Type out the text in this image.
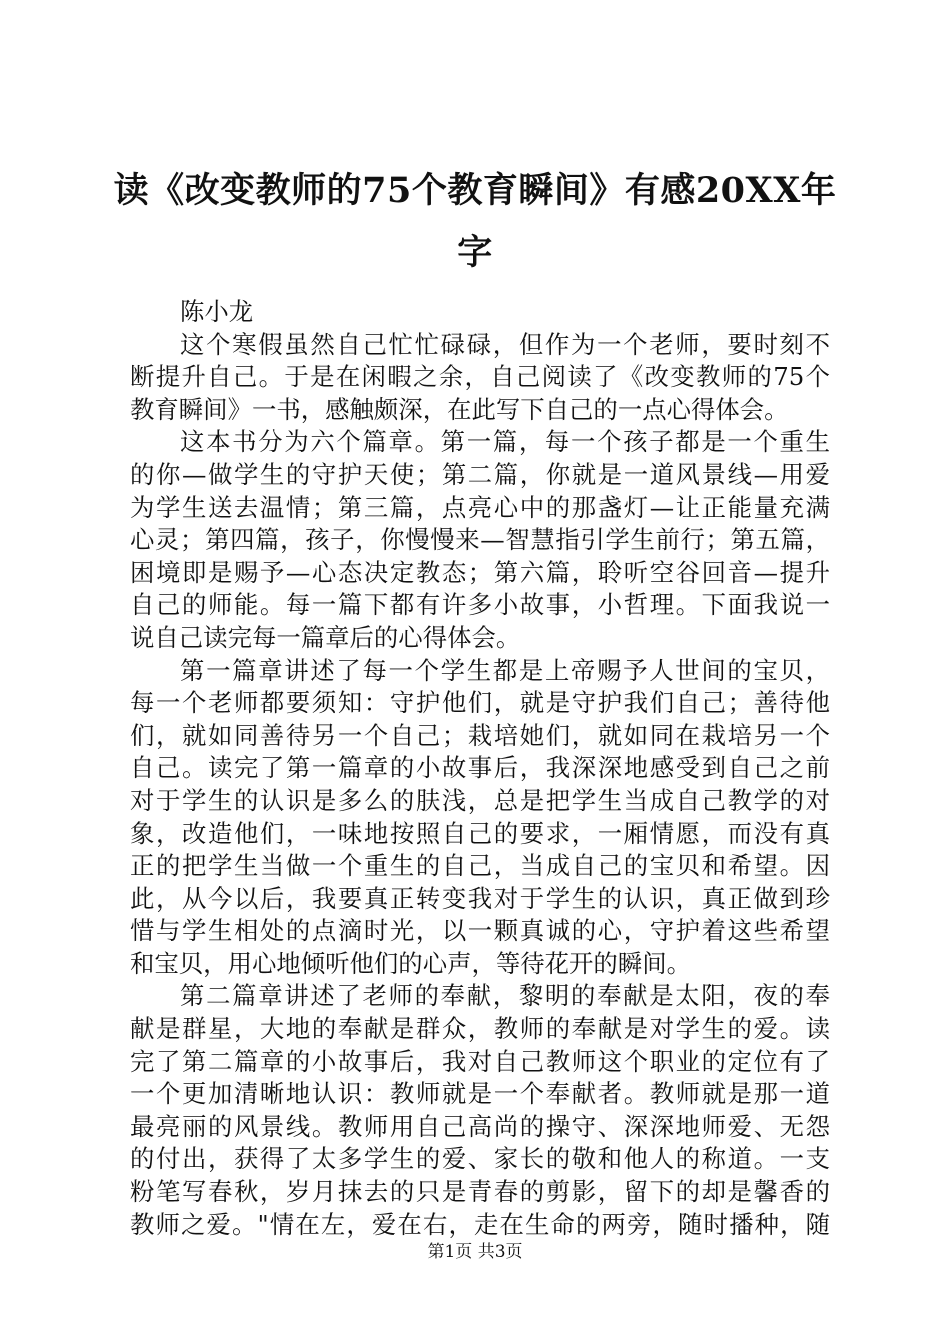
读《改变教师的75个教育瞬间》有感20XX年
字
陈小龙
这个寒假虽然自己忙忙碌碌，但作为一个老师，要时刻不
断提升自己。于是在闲暇之余，自己阅读了《改变教师的75个
教育瞬间》一书，感触颇深，在此写下自己的一点心得体会。
这本书分为六个篇章。第一篇，每一个孩子都是一个重生
的你—做学生的守护天使；第二篇，你就是一道风景线—用爱
为学生送去温情；第三篇，点亮心中的那盏灯—让正能量充满
心灵；第四篇，孩子，你慢慢来—智慧指引学生前行；第五篇，
困境即是赐予—心态决定教态；第六篇，聆听空谷回音—提升
自己的师能。每一篇下都有许多小故事，小哲理。下面我说一
说自己读完每一篇章后的心得体会。
第一篇章讲述了每一个学生都是上帝赐予人世间的宝贝，
每一个老师都要须知：守护他们，就是守护我们自己；善待他
们，就如同善待另一个自己；栽培她们，就如同在栽培另一个
自己。读完了第一篇章的小故事后，我深深地感受到自己之前
对于学生的认识是多么的肤浅，总是把学生当成自己教学的对
象，改造他们，一味地按照自己的要求，一厢情愿，而没有真
正的把学生当做一个重生的自己，当成自己的宝贝和希望。因
此，从今以后，我要真正转变我对于学生的认识，真正做到珍
惜与学生相处的点滴时光，以一颗真诚的心，守护着这些希望
和宝贝，用心地倾听他们的心声，等待花开的瞬间。
第二篇章讲述了老师的奉献，黎明的奉献是太阳，夜的奉
献是群星，大地的奉献是群众，教师的奉献是对学生的爱。读
完了第二篇章的小故事后，我对自己教师这个职业的定位有了
一个更加清晰地认识：教师就是一个奉献者。教师就是那一道
最亮丽的风景线。教师用自己高尚的操守、深深地师爱、无怨
的付出，获得了太多学生的爱、家长的敬和他人的称道。一支
粉笔写春秋，岁月抹去的只是青春的剪影，留下的却是馨香的
教师之爱。"情在左，爱在右，走在生命的两旁，随时播种，随
第1页 共3页
